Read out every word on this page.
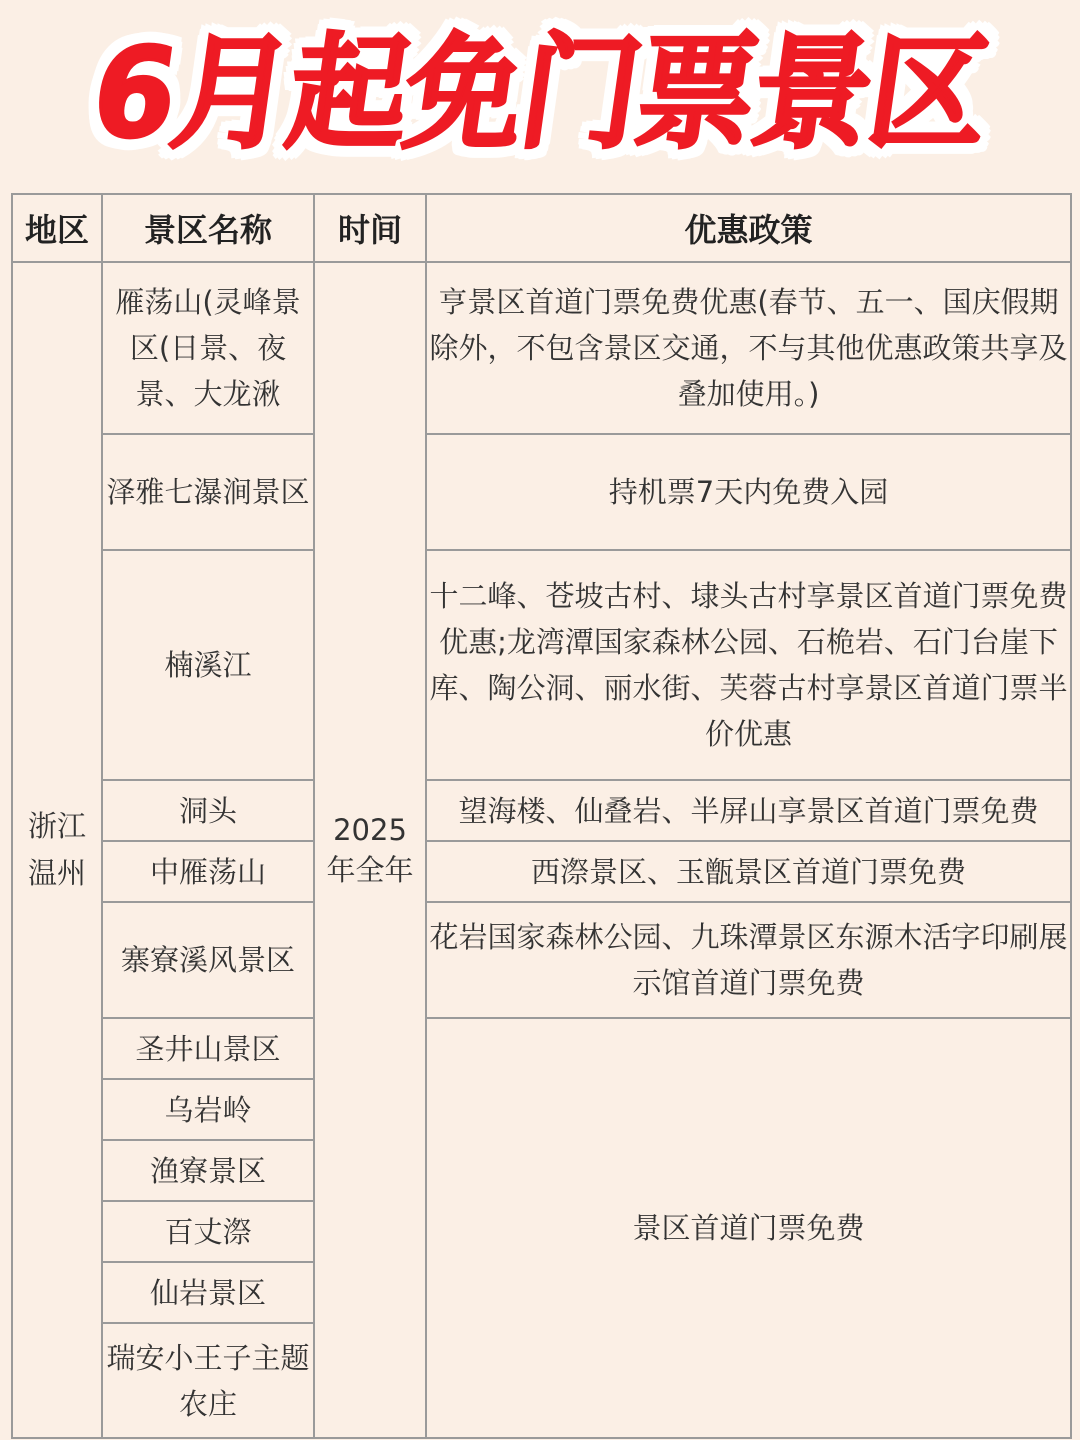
6月起免门票景区
地区	景区名称	时间	优惠政策

浙江温州	雁荡山(灵峰景区(日景、夜景、大龙湫	2025年全年	亨景区首道门票免费优惠(春节、五一、国庆假期除外，不包含景区交通，不与其他优惠政策共享及叠加使用。)

	泽雅七瀑涧景区		持机票7天内免费入园

	楠溪江		十二峰、苍坡古村、埭头古村享景区首道门票免费优惠;龙湾潭国家森林公园、石桅岩、石门台崖下库、陶公洞、丽水街、芙蓉古村享景区首道门票半价优惠

	洞头		望海楼、仙叠岩、半屏山享景区首道门票免费

	中雁荡山		西漈景区、玉甑景区首道门票免费

	寨寮溪风景区		花岩国家森林公园、九珠潭景区东源木活字印刷展示馆首道门票免费

	圣井山景区		景区首道门票免费

	乌岩岭		

	渔寮景区		

	百丈漈		

	仙岩景区		

	瑞安小王子主题农庄		
